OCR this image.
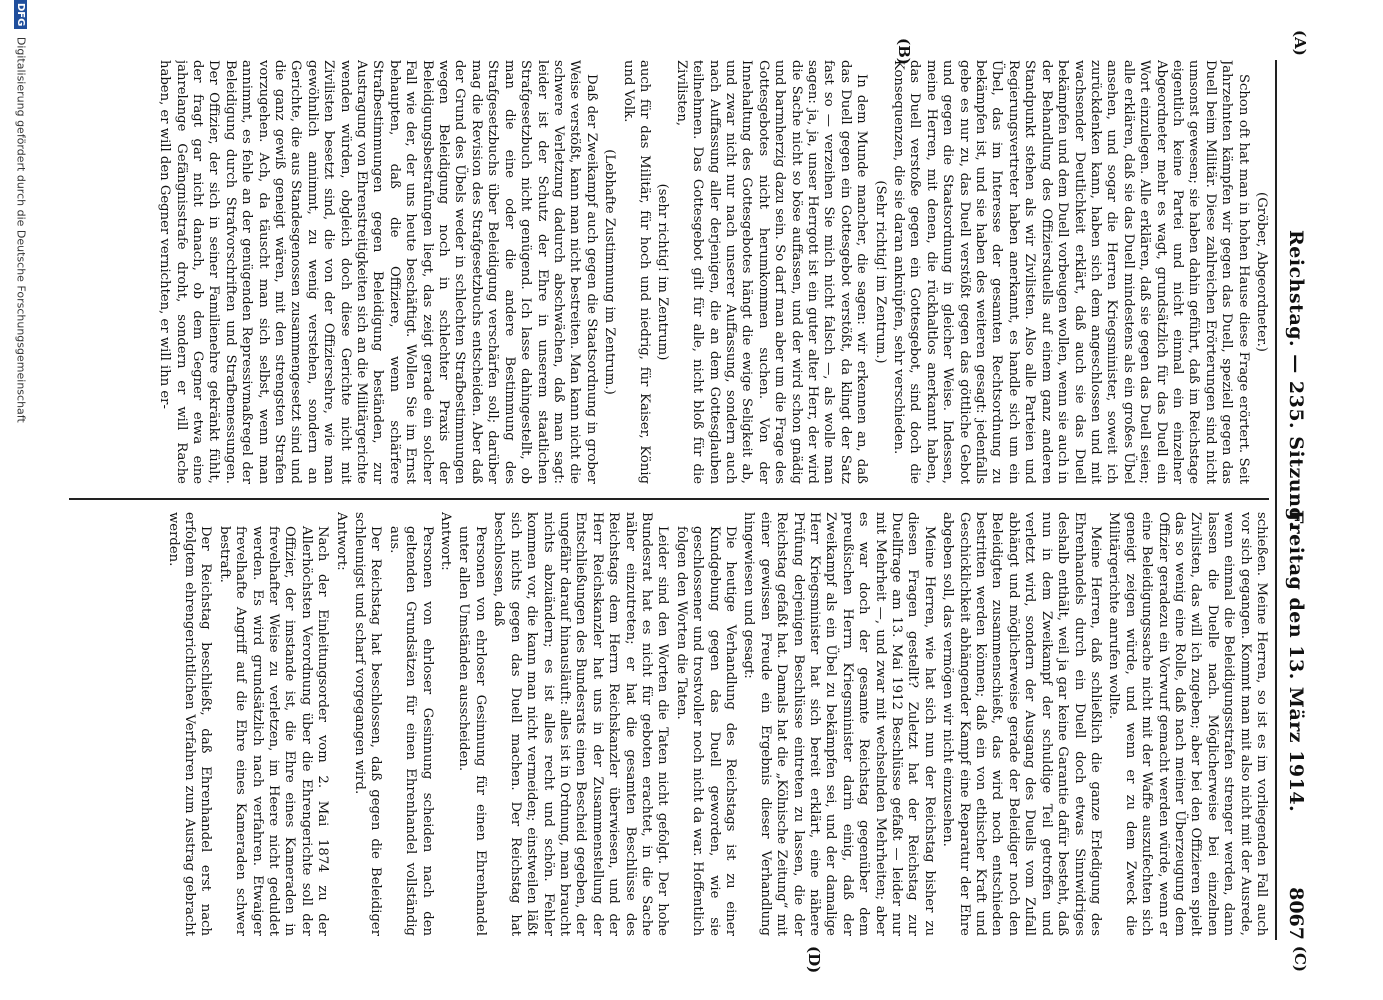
(A)
Reichstag. — 235. Sitzung.
Freitag den 13. März 1914.
8067
(C)
(B)
(D)

(Gröber, Abgeordneter.)

Schon oft hat man in hohen Hause diese Frage erörtert. Seit Jahrzehnten kämpfen wir gegen das Duell, speziell gegen das Duell beim Militär. Diese zahlreichen Erörterungen sind nicht umsonst gewesen; sie haben dahin geführt, daß im Reichstage eigentlich keine Partei und nicht einmal ein einzelner Abgeordneter mehr es wagt, grundsätzlich für das Duell ein Wort einzulegen. Alle erklären, daß sie gegen das Duell seien; alle erklären, daß sie das Duell mindestens als ein großes Übel ansehen, und sogar die Herren Kriegsminister, soweit ich zurückdenken kann, haben sich dem angeschlossen und mit wachsender Deutlichkeit erklärt, daß auch sie das Duell bekämpfen und dem Duell vorbeugen wollen, wenn sie auch in der Behandlung des Offiziersduells auf einem ganz anderen Standpunkt stehen als wir Zivilisten. Also alle Parteien und Regierungsvertreter haben anerkannt, es handle sich um ein Übel, das im Interesse der gesamten Rechtsordnung zu bekämpfen ist, und sie haben des weiteren gesagt: jedenfalls gebe es nur zu, das Duell verstößt gegen das göttliche Gebot und gegen die Staatsordnung in gleicher Weise. Indessen, meine Herren, mit denen, die rückhaltlos anerkannt haben, das Duell verstoße gegen ein Gottesgebot, sind doch die Konsequenzen, die sie daran anknüpfen, sehr verschieden.

(Sehr richtig! im Zentrum.)

In dem Munde mancher, die sagen: wir erkennen an, daß das Duell gegen ein Gottesgebot verstößt, da klingt der Satz fast so — verzeihen Sie mich nicht falsch —, als wolle man sagen: ja, ja, unser Herrgott ist ein guter alter Herr, der wird die Sache nicht so böse auffassen, und der wird schon gnädig und barmherzig dazu sein. So darf man aber um die Frage des Gottesgebotes nicht herumkommen suchen. Von der Innehaltung des Gottesgebotes hängt die ewige Seligkeit ab, und zwar nicht nur nach unserer Auffassung, sondern auch nach Auffassung aller derjenigen, die an dem Gottesglauben teilnehmen. Das Gottesgebot gilt für alle, nicht bloß für die Zivilisten,

(sehr richtig! im Zentrum)

auch für das Militär, für hoch und niedrig, für Kaiser, König und Volk.

(Lebhafte Zustimmung im Zentrum.)

Daß der Zweikampf auch gegen die Staatsordnung in grober Weise verstößt, kann man nicht bestreiten. Man kann nicht die schwere Verletzung dadurch abschwächen, daß man sagt: leider ist der Schutz der Ehre in unserem staatlichen Strafgesetzbuch nicht genügend. Ich lasse dahingestellt, ob man die eine oder die andere Bestimmung des Strafgesetzbuchs über Beleidigung verschärfen soll; darüber mag die Revision des Strafgesetzbuchs entscheiden. Aber daß der Grund des Übels weder in schlechten Strafbestimmungen wegen Beleidigung noch in schlechter Praxis der Beleidigungsbestrafungen liegt, das zeigt gerade ein solcher Fall wie der, der uns heute beschäftigt. Wollen Sie im Ernst behaupten, daß die Offiziere, wenn schärfere Strafbestimmungen gegen Beleidigung beständen, zur Austragung von Ehrenstreitigkeiten sich an die Militärgerichte wenden würden, obgleich doch diese Gerichte nicht mit Zivilisten besetzt sind, die von der Offiziersehre, wie man gewöhnlich annimmt, zu wenig verstehen, sondern an Gerichte, die aus Standesgenossen zusammengesetzt sind und die ganz gewiß geneigt wären, mit den strengsten Strafen vorzugehen. Ach, da täuscht man sich selbst, wenn man annimmt, es fehle an der genügenden Repressivmaßregel der Beleidigung durch Strafvorschriften und Strafbemessungen. Der Offizier, der sich in seiner Familienehre gekränkt fühlt, der fragt gar nicht danach, ob dem Gegner etwa eine jahrelange Gefängnisstrafe droht, sondern er will Rache haben, er will den Gegner vernichten, er will ihn er-

schießen. Meine Herren, so ist es im vorliegenden Fall auch vor sich gegangen. Kommt man mit also nicht mit der Ausrede, wenn einmal die Beleidigungsstrafen strenger werden, dann lassen die Duelle nach. Möglicherweise bei einzelnen Zivilisten, das will ich zugeben; aber bei den Offizieren spielt das so wenig eine Rolle, daß nach meiner Überzeugung dem Offizier geradezu ein Vorwurf gemacht werden würde, wenn er eine Beleidigungssache nicht mit der Waffe auszufechten sich geneigt zeigen würde, und wenn er zu dem Zweck die Militärgerichte anrufen wollte.

Meine Herren, daß schließlich die ganze Erledigung des Ehrenhandels durch ein Duell doch etwas Sinnwidriges deshalb enthält, weil ja gar keine Garantie dafür besteht, daß nun in dem Zweikampf der schuldige Teil getroffen und verletzt wird, sondern der Ausgang des Duells vom Zufall abhängt und möglicherweise gerade der Beleidiger noch den Beleidigten zusammenschießt, das wird noch entschieden bestritten werden können; daß ein von ethischer Kraft und Geschicklichkeit abhängender Kampf eine Reparatur der Ehre abgeben soll, das vermögen wir nicht einzusehen.

Meine Herren, wie hat sich nun der Reichstag bisher zu diesen Fragen gestellt? Zuletzt hat der Reichstag zur Duellfrage am 13. Mai 1912 Beschlüsse gefaßt — leider nur mit Mehrheit —, und zwar mit wechselnden Mehrheiten; aber es war doch der gesamte Reichstag gegenüber dem preußischen Herrn Kriegsminister darin einig, daß der Zweikampf als ein Übel zu bekämpfen sei, und der damalige Herr Kriegsminister hat sich bereit erklärt, eine nähere Prüfung derjenigen Beschlüsse eintreten zu lassen, die der Reichstag gefaßt hat. Damals hat die „Kölnische Zeitung“ mit einer gewissen Freude ein Ergebnis dieser Verhandlung hingewiesen und gesagt:

Die heutige Verhandlung des Reichstags ist zu einer Kundgebung gegen das Duell geworden, wie sie geschlossener und trostvoller noch nicht da war. Hoffentlich folgen den Worten die Taten.

Leider sind den Worten die Taten nicht gefolgt. Der hohe Bundesrat hat es nicht für geboten erachtet, in die Sache näher einzutreten; er hat die gesamten Beschlüsse des Reichstags dem Herrn Reichskanzler überwiesen, und der Herr Reichskanzler hat uns in der Zusammenstellung der Entschließungen des Bundesrats einen Bescheid gegeben, der ungefähr darauf hinausläuft: alles ist in Ordnung, man braucht nichts abzuändern; es ist alles recht und schön. Fehler kommen vor, die kann man nicht vermeiden; einstweilen läßt sich nichts gegen das Duell machen. Der Reichstag hat beschlossen, daß

Personen von ehrloser Gesinnung für einen Ehrenhandel unter allen Umständen ausscheiden.

Antwort:

Personen von ehrloser Gesinnung scheiden nach den geltenden Grundsätzen für einen Ehrenhandel vollständig aus.

Der Reichstag hat beschlossen, daß gegen die Beleidiger schleunigst und scharf vorgegangen wird.

Antwort:

Nach der Einleitungsorder vom 2. Mai 1874 zu der Allerhöchsten Verordnung über die Ehrengerichte soll der Offizier, der imstande ist, die Ehre eines Kameraden in frevelhafter Weise zu verletzen, im Heere nicht geduldet werden. Es wird grundsätzlich nach verfahren. Etwaiger frevelhafte Angriff auf die Ehre eines Kameraden schwer bestraft.

Der Reichstag beschließt, daß Ehrenhandel erst nach erfolgtem ehrengerichtlichen Verfahren zum Austrag gebracht werden.

DFG Digitalisierung gefördert durch die Deutsche Forschungsgemeinschaft
